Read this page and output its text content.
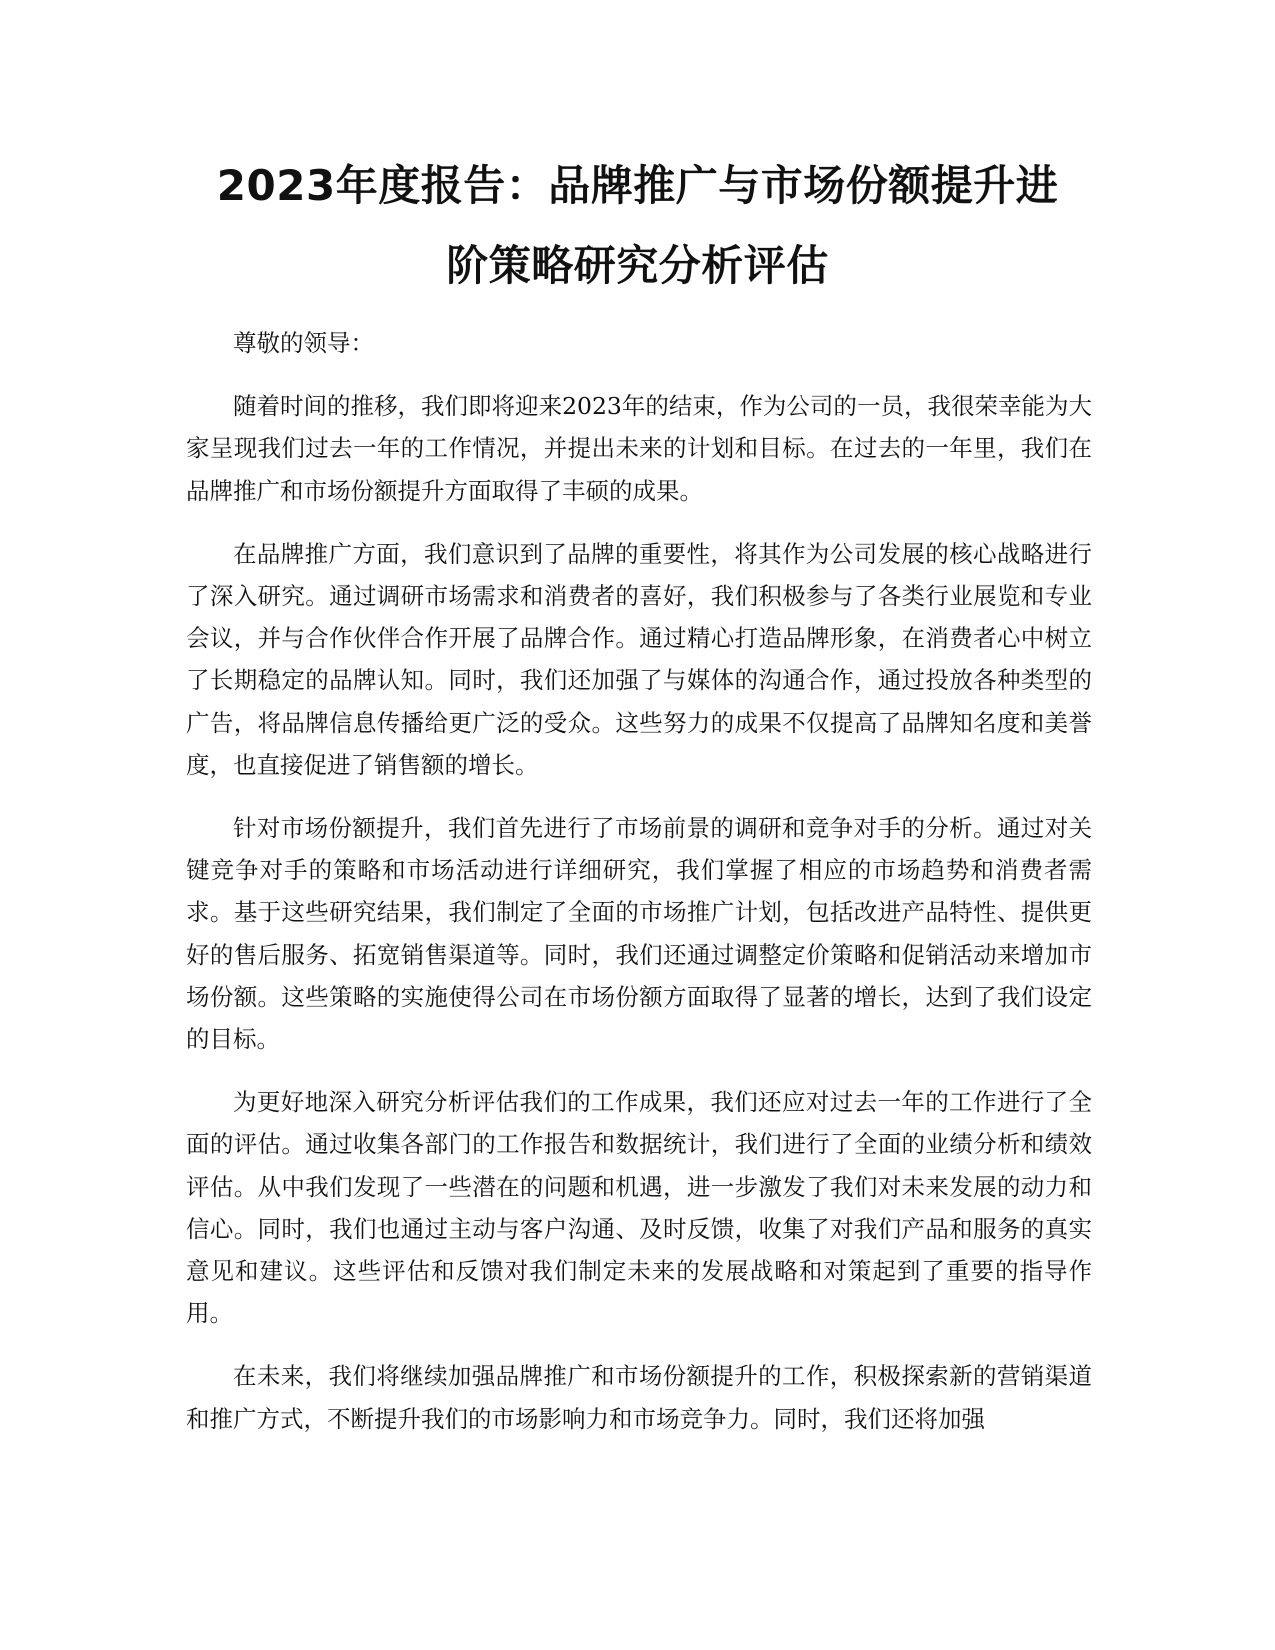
2023年度报告：品牌推广与市场份额提升进
阶策略研究分析评估

尊敬的领导：

随着时间的推移，我们即将迎来2023年的结束，作为公司的一员，我很荣幸能为大家呈现我们过去一年的工作情况，并提出未来的计划和目标。在过去的一年里，我们在品牌推广和市场份额提升方面取得了丰硕的成果。

在品牌推广方面，我们意识到了品牌的重要性，将其作为公司发展的核心战略进行了深入研究。通过调研市场需求和消费者的喜好，我们积极参与了各类行业展览和专业会议，并与合作伙伴合作开展了品牌合作。通过精心打造品牌形象，在消费者心中树立了长期稳定的品牌认知。同时，我们还加强了与媒体的沟通合作，通过投放各种类型的广告，将品牌信息传播给更广泛的受众。这些努力的成果不仅提高了品牌知名度和美誉度，也直接促进了销售额的增长。

针对市场份额提升，我们首先进行了市场前景的调研和竞争对手的分析。通过对关键竞争对手的策略和市场活动进行详细研究，我们掌握了相应的市场趋势和消费者需求。基于这些研究结果，我们制定了全面的市场推广计划，包括改进产品特性、提供更好的售后服务、拓宽销售渠道等。同时，我们还通过调整定价策略和促销活动来增加市场份额。这些策略的实施使得公司在市场份额方面取得了显著的增长，达到了我们设定的目标。

为更好地深入研究分析评估我们的工作成果，我们还应对过去一年的工作进行了全面的评估。通过收集各部门的工作报告和数据统计，我们进行了全面的业绩分析和绩效评估。从中我们发现了一些潜在的问题和机遇，进一步激发了我们对未来发展的动力和信心。同时，我们也通过主动与客户沟通、及时反馈，收集了对我们产品和服务的真实意见和建议。这些评估和反馈对我们制定未来的发展战略和对策起到了重要的指导作用。

在未来，我们将继续加强品牌推广和市场份额提升的工作，积极探索新的营销渠道和推广方式，不断提升我们的市场影响力和市场竞争力。同时，我们还将加强
